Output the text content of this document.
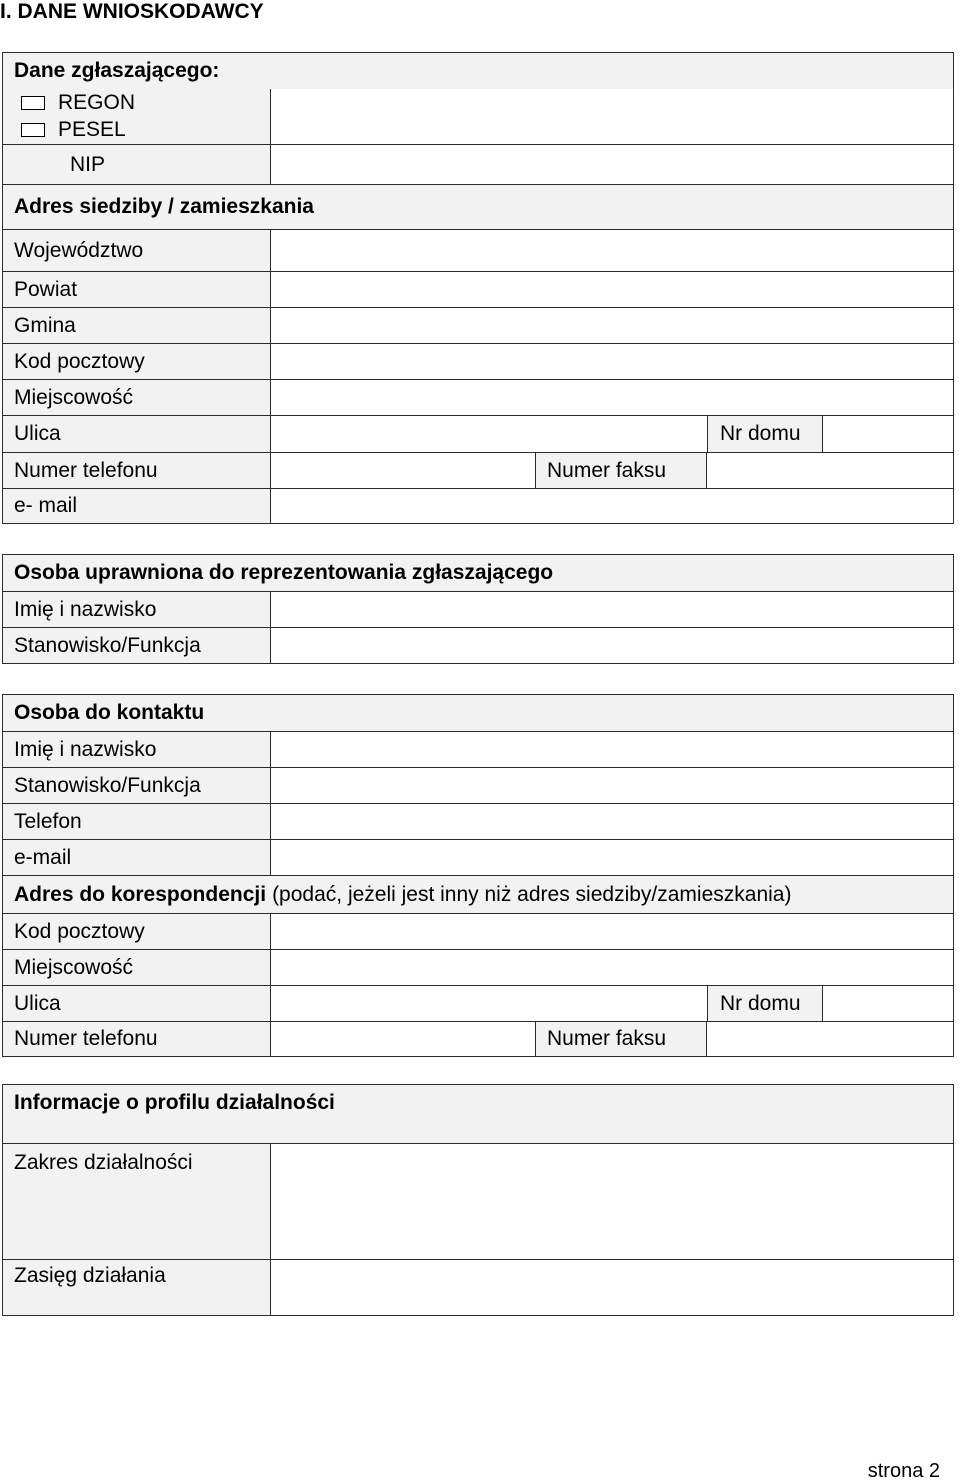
I. DANE WNIOSKODAWCY
Dane zgłaszającego:
REGON
PESEL
NIP
Adres siedziby / zamieszkania
Województwo
Powiat
Gmina
Kod pocztowy
Miejscowość
Ulica	Nr domu
Numer telefonu	Numer faksu
e- mail
Osoba uprawniona do reprezentowania zgłaszającego
Imię i nazwisko
Stanowisko/Funkcja
Osoba do kontaktu
Imię i nazwisko
Stanowisko/Funkcja
Telefon
e-mail
Adres do korespondencji (podać, jeżeli jest inny niż adres siedziby/zamieszkania)
Kod pocztowy
Miejscowość
Ulica	Nr domu
Numer telefonu	Numer faksu
Informacje o profilu działalności
Zakres działalności
Zasięg działania
strona 2
